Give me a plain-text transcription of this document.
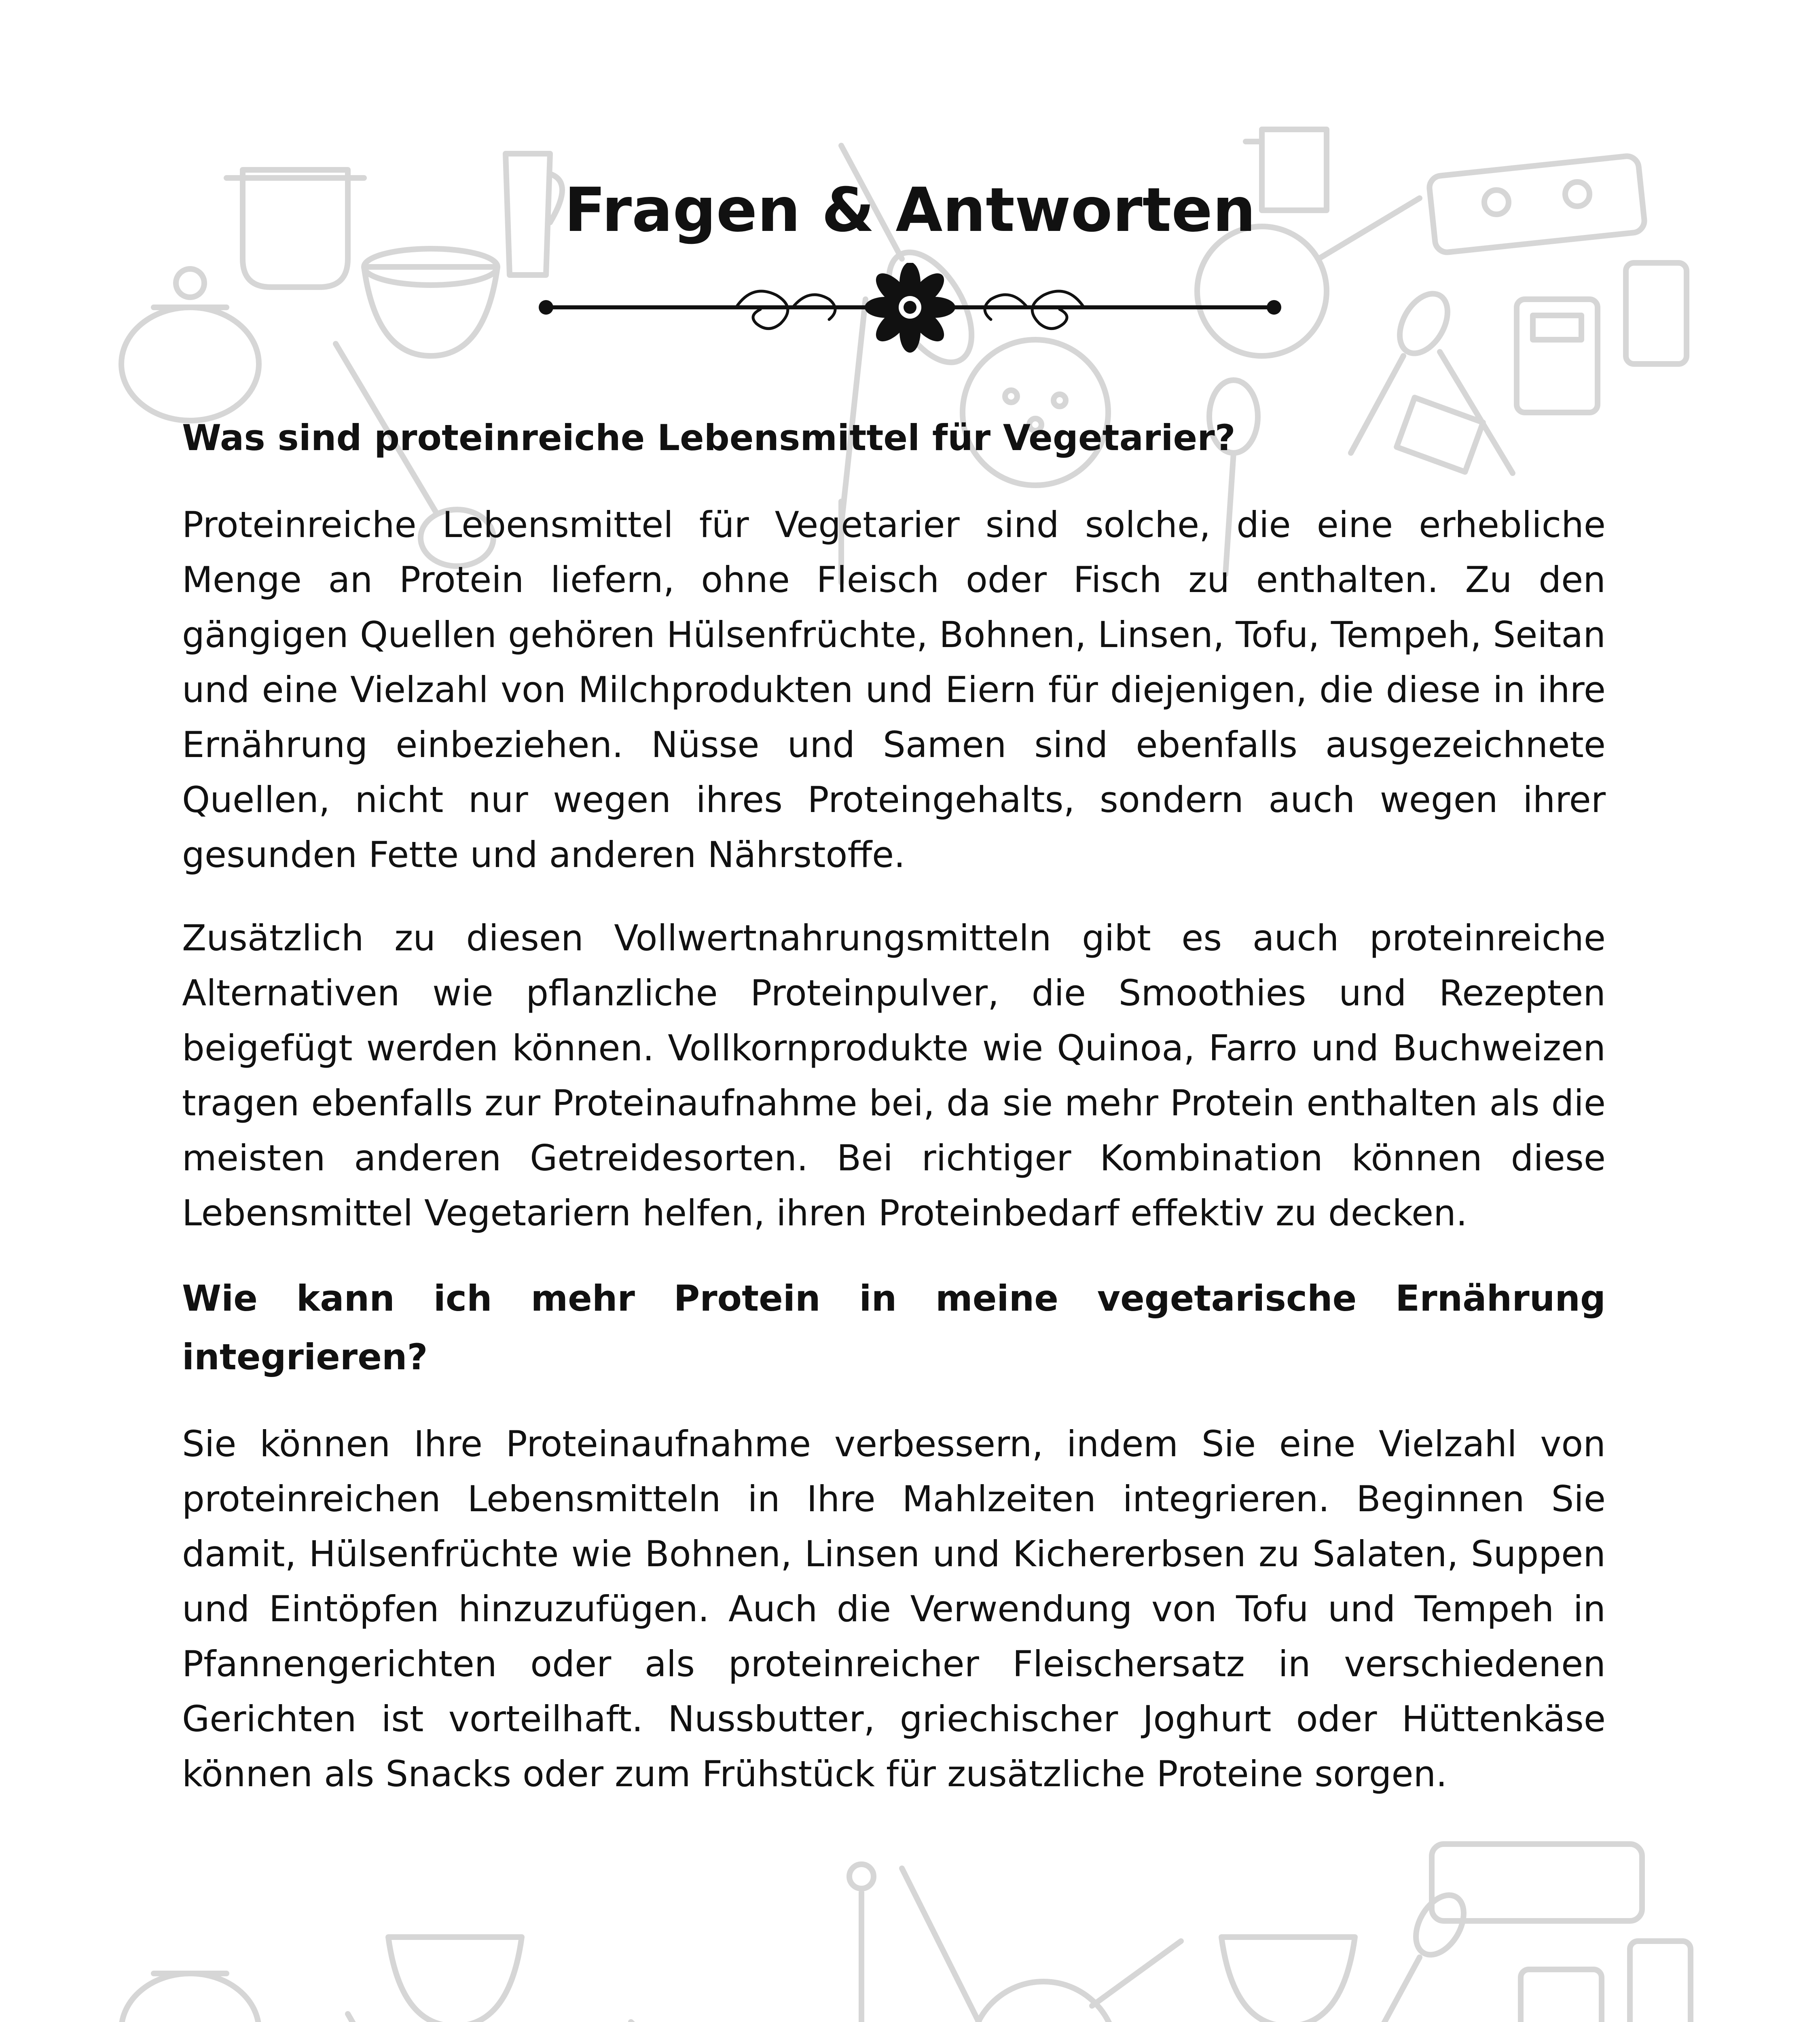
Fragen & Antworten
Was sind proteinreiche Lebensmittel für Vegetarier?

Proteinreiche Lebensmittel für Vegetarier sind solche, die eine erhebliche Menge an Protein liefern, ohne Fleisch oder Fisch zu enthalten. Zu den gängigen Quellen gehören Hülsenfrüchte, Bohnen, Linsen, Tofu, Tempeh, Seitan und eine Vielzahl von Milchprodukten und Eiern für diejenigen, die diese in ihre Ernährung einbeziehen. Nüsse und Samen sind ebenfalls ausgezeichnete Quellen, nicht nur wegen ihres Proteingehalts, sondern auch wegen ihrer gesunden Fette und anderen Nährstoffe.

Zusätzlich zu diesen Vollwertnahrungsmitteln gibt es auch proteinreiche Alternativen wie pflanzliche Proteinpulver, die Smoothies und Rezepten beigefügt werden können. Vollkornprodukte wie Quinoa, Farro und Buchweizen tragen ebenfalls zur Proteinaufnahme bei, da sie mehr Protein enthalten als die meisten anderen Getreidesorten. Bei richtiger Kombination können diese Lebensmittel Vegetariern helfen, ihren Proteinbedarf effektiv zu decken.

Wie kann ich mehr Protein in meine vegetarische Ernährung integrieren?

Sie können Ihre Proteinaufnahme verbessern, indem Sie eine Vielzahl von proteinreichen Lebensmitteln in Ihre Mahlzeiten integrieren. Beginnen Sie damit, Hülsenfrüchte wie Bohnen, Linsen und Kichererbsen zu Salaten, Suppen und Eintöpfen hinzuzufügen. Auch die Verwendung von Tofu und Tempeh in Pfannengerichten oder als proteinreicher Fleischersatz in verschiedenen Gerichten ist vorteilhaft. Nussbutter, griechischer Joghurt oder Hüttenkäse können als Snacks oder zum Frühstück für zusätzliche Proteine sorgen.
